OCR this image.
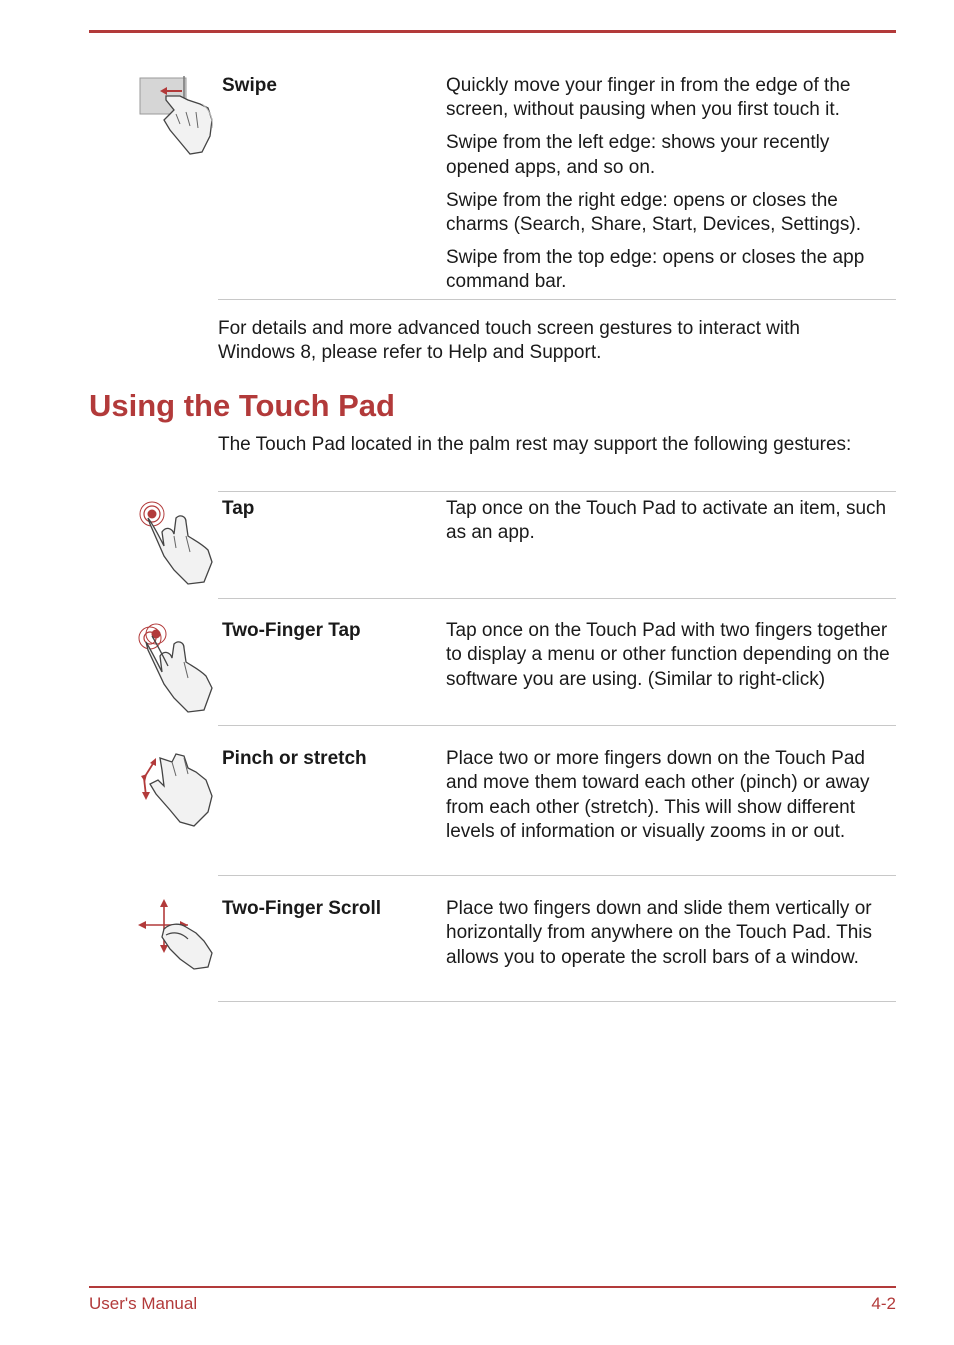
Swipe	Quickly move your finger in from the edge of the screen, without pausing when you first touch it.

Swipe from the left edge: shows your recently opened apps, and so on.

Swipe from the right edge: opens or closes the charms (Search, Share, Start, Devices, Settings).

Swipe from the top edge: opens or closes the app command bar.

For details and more advanced touch screen gestures to interact with Windows 8, please refer to Help and Support.

Using the Touch Pad

The Touch Pad located in the palm rest may support the following gestures:

Tap	Tap once on the Touch Pad to activate an item, such as an app.
Two-Finger Tap	Tap once on the Touch Pad with two fingers together to display a menu or other function depending on the software you are using. (Similar to right-click)
Pinch or stretch	Place two or more fingers down on the Touch Pad and move them toward each other (pinch) or away from each other (stretch). This will show different levels of information or visually zooms in or out.
Two-Finger Scroll	Place two fingers down and slide them vertically or horizontally from anywhere on the Touch Pad. This allows you to operate the scroll bars of a window.
User's Manual	4-2
